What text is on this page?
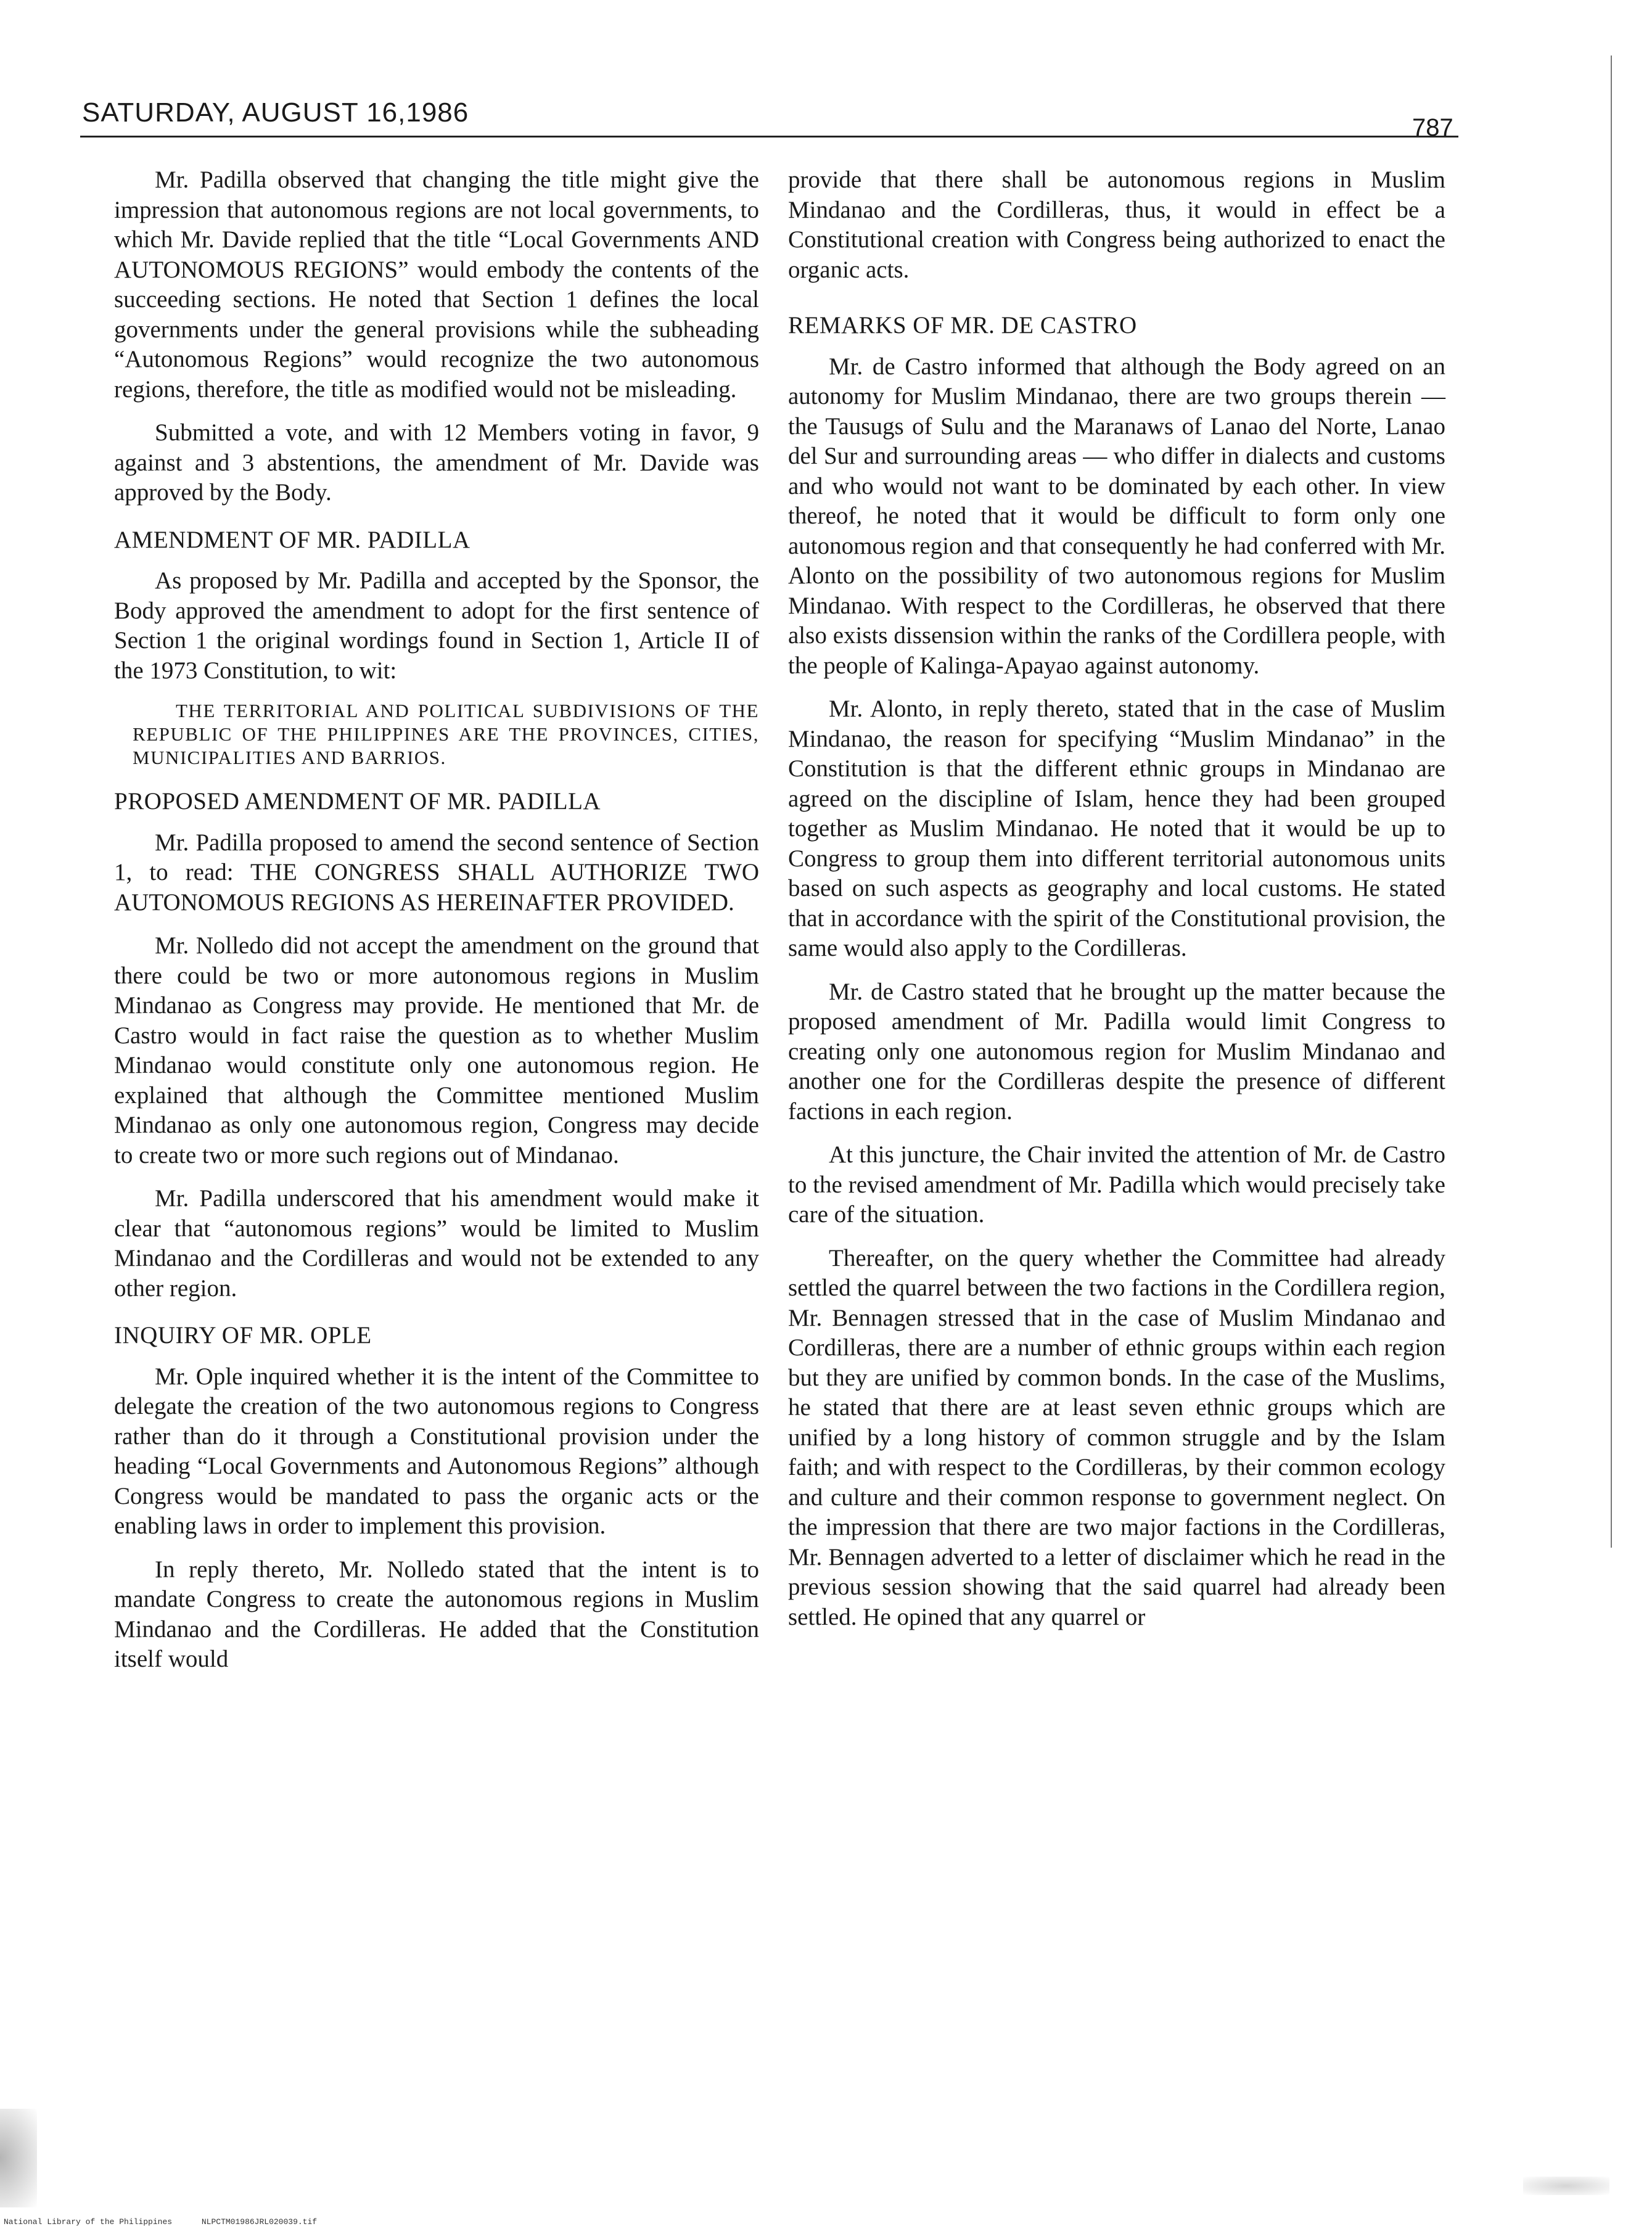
SATURDAY, AUGUST 16,1986	787

Mr. Padilla observed that changing the title might give the impression that autonomous regions are not local governments, to which Mr. Davide replied that the title “Local Governments AND AUTONOMOUS REGIONS” would embody the contents of the succeeding sections. He noted that Section 1 defines the local governments under the general provisions while the subheading “Autonomous Regions” would recognize the two autonomous regions, therefore, the title as modified would not be misleading.

Submitted a vote, and with 12 Members voting in favor, 9 against and 3 abstentions, the amendment of Mr. Davide was approved by the Body.

AMENDMENT OF MR. PADILLA

As proposed by Mr. Padilla and accepted by the Sponsor, the Body approved the amendment to adopt for the first sentence of Section 1 the original wordings found in Section 1, Article II of the 1973 Constitution, to wit:

THE TERRITORIAL AND POLITICAL SUBDIVISIONS OF THE REPUBLIC OF THE PHILIPPINES ARE THE PROVINCES, CITIES, MUNICIPALITIES AND BARRIOS.
PROPOSED AMENDMENT OF MR. PADILLA

Mr. Padilla proposed to amend the second sentence of Section 1, to read: THE CONGRESS SHALL AUTHORIZE TWO AUTONOMOUS REGIONS AS HEREINAFTER PROVIDED.

Mr. Nolledo did not accept the amendment on the ground that there could be two or more autonomous regions in Muslim Mindanao as Congress may provide. He mentioned that Mr. de Castro would in fact raise the question as to whether Muslim Mindanao would constitute only one autonomous region. He explained that although the Committee mentioned Muslim Mindanao as only one autonomous region, Congress may decide to create two or more such regions out of Mindanao.

Mr. Padilla underscored that his amendment would make it clear that “autonomous regions” would be limited to Muslim Mindanao and the Cordilleras and would not be extended to any other region.

INQUIRY OF MR. OPLE

Mr. Ople inquired whether it is the intent of the Committee to delegate the creation of the two autonomous regions to Congress rather than do it through a Constitutional provision under the heading “Local Governments and Autonomous Regions” although Congress would be mandated to pass the organic acts or the enabling laws in order to implement this provision.

In reply thereto, Mr. Nolledo stated that the intent is to mandate Congress to create the autonomous regions in Muslim Mindanao and the Cordilleras. He added that the Constitution itself would

provide that there shall be autonomous regions in Muslim Mindanao and the Cordilleras, thus, it would in effect be a Constitutional creation with Congress being authorized to enact the organic acts.

REMARKS OF MR. DE CASTRO

Mr. de Castro informed that although the Body agreed on an autonomy for Muslim Mindanao, there are two groups therein — the Tausugs of Sulu and the Maranaws of Lanao del Norte, Lanao del Sur and surrounding areas — who differ in dialects and customs and who would not want to be dominated by each other. In view thereof, he noted that it would be difficult to form only one autonomous region and that consequently he had conferred with Mr. Alonto on the possibility of two autonomous regions for Muslim Mindanao. With respect to the Cordilleras, he observed that there also exists dissension within the ranks of the Cordillera people, with the people of Kalinga-Apayao against autonomy.

Mr. Alonto, in reply thereto, stated that in the case of Muslim Mindanao, the reason for specifying “Muslim Mindanao” in the Constitution is that the different ethnic groups in Mindanao are agreed on the discipline of Islam, hence they had been grouped together as Muslim Mindanao. He noted that it would be up to Congress to group them into different territorial autonomous units based on such aspects as geography and local customs. He stated that in accordance with the spirit of the Constitutional provision, the same would also apply to the Cordilleras.

Mr. de Castro stated that he brought up the matter because the proposed amendment of Mr. Padilla would limit Congress to creating only one autonomous region for Muslim Mindanao and another one for the Cordilleras despite the presence of different factions in each region.

At this juncture, the Chair invited the attention of Mr. de Castro to the revised amendment of Mr. Padilla which would precisely take care of the situation.

Thereafter, on the query whether the Committee had already settled the quarrel between the two factions in the Cordillera region, Mr. Bennagen stressed that in the case of Muslim Mindanao and Cordilleras, there are a number of ethnic groups within each region but they are unified by common bonds. In the case of the Muslims, he stated that there are at least seven ethnic groups which are unified by a long history of common struggle and by the Islam faith; and with respect to the Cordilleras, by their common ecology and culture and their common response to government neglect. On the impression that there are two major factions in the Cordilleras, Mr. Bennagen adverted to a letter of disclaimer which he read in the previous session showing that the said quarrel had already been settled. He opined that any quarrel or

National Library of the Philippines	NLPCTM01986JRL020039.tif
